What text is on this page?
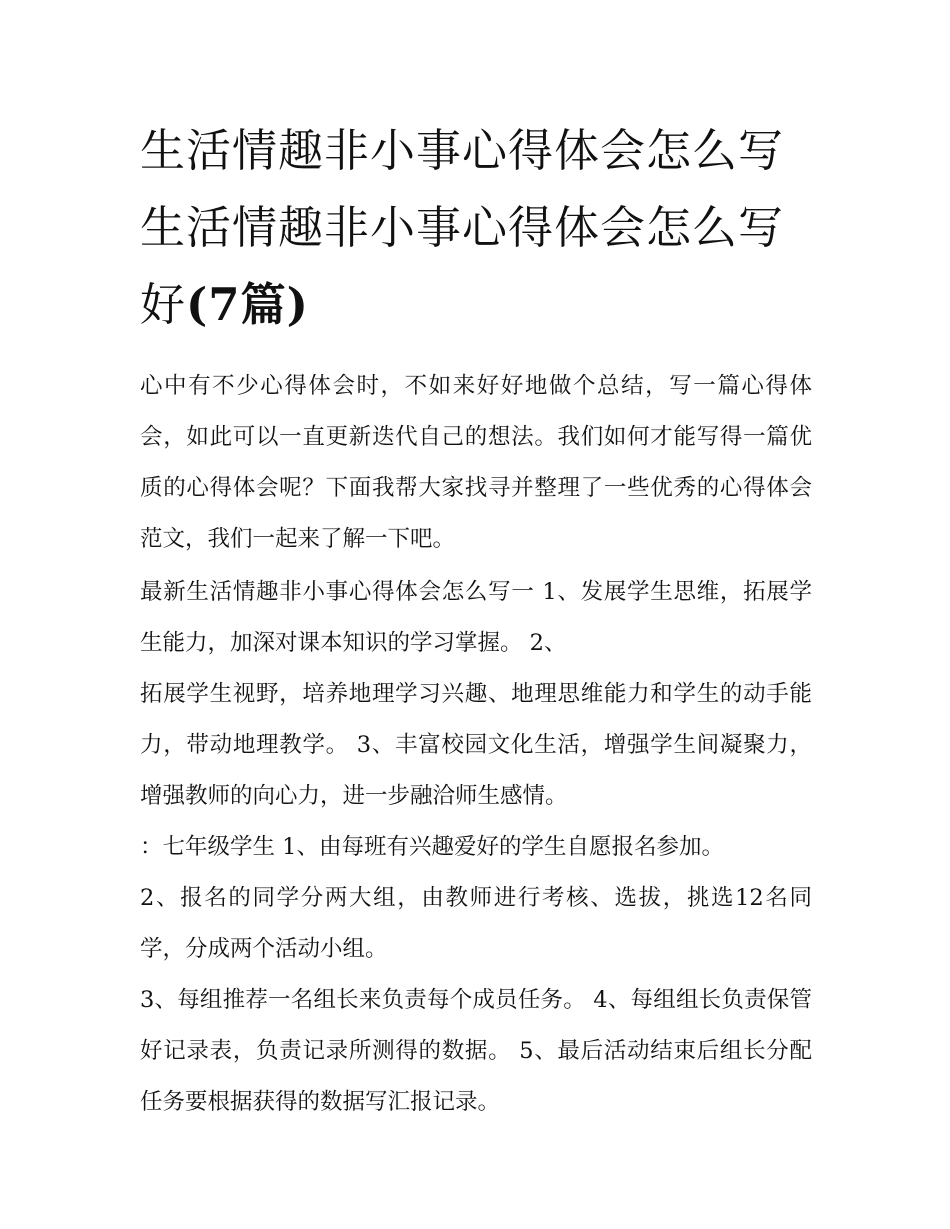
生活情趣非小事心得体会怎么写 生活情趣非小事心得体会怎么写好(7篇)

心中有不少心得体会时，不如来好好地做个总结，写一篇心得体会，如此可以一直更新迭代自己的想法。我们如何才能写得一篇优质的心得体会呢？下面我帮大家找寻并整理了一些优秀的心得体会范文，我们一起来了解一下吧。

最新生活情趣非小事心得体会怎么写一 1、发展学生思维，拓展学生能力，加深对课本知识的学习掌握。 2、

拓展学生视野，培养地理学习兴趣、地理思维能力和学生的动手能力，带动地理教学。 3、丰富校园文化生活，增强学生间凝聚力，增强教师的向心力，进一步融洽师生感情。

：七年级学生 1、由每班有兴趣爱好的学生自愿报名参加。

2、报名的同学分两大组，由教师进行考核、选拔，挑选12名同学，分成两个活动小组。

3、每组推荐一名组长来负责每个成员任务。 4、每组组长负责保管好记录表，负责记录所测得的数据。 5、最后活动结束后组长分配任务要根据获得的数据写汇报记录。
